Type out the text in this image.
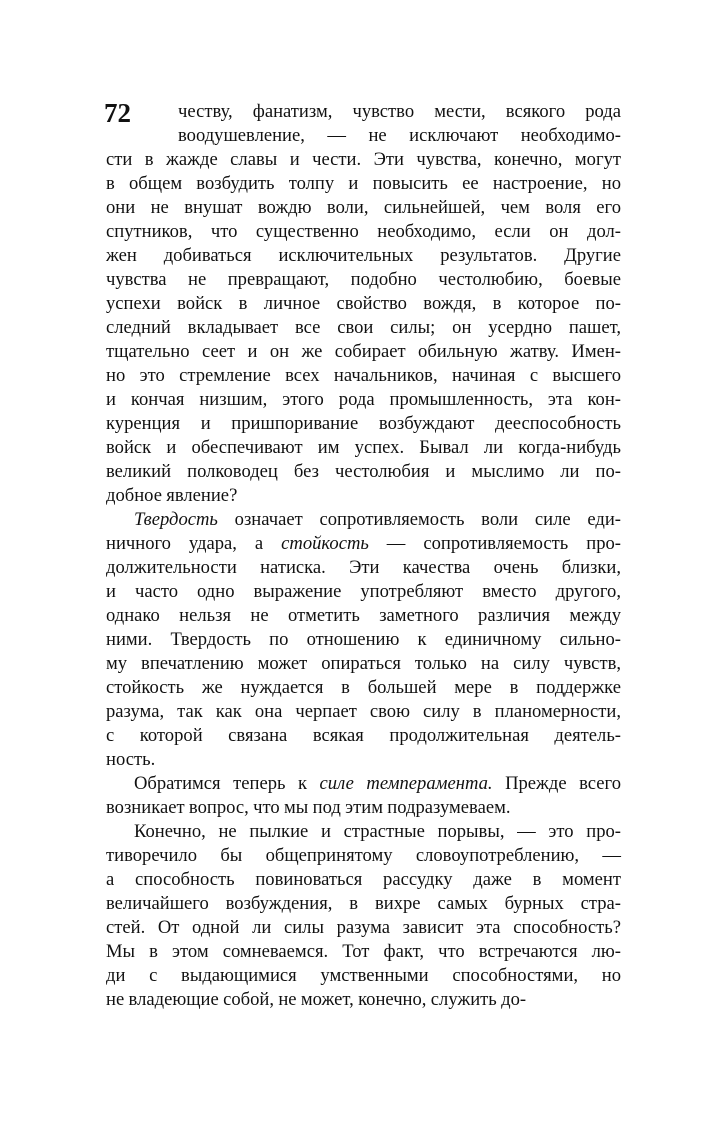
72	честву, фанатизм, чувство мести, всякого рода
воодушевление, — не исключают необходимо-
сти в жажде славы и чести. Эти чувства, конечно, могут
в общем возбудить толпу и повысить ее настроение, но
они не внушат вождю воли, сильнейшей, чем воля его
спутников, что существенно необходимо, если он дол-
жен добиваться исключительных результатов. Другие
чувства не превращают, подобно честолюбию, боевые
успехи войск в личное свойство вождя, в которое по-
следний вкладывает все свои силы; он усердно пашет,
тщательно сеет и он же собирает обильную жатву. Имен-
но это стремление всех начальников, начиная с высшего
и кончая низшим, этого рода промышленность, эта кон-
куренция и пришпоривание возбуждают дееспособность
войск и обеспечивают им успех. Бывал ли когда-нибудь
великий полководец без честолюбия и мыслимо ли по-
добное явление?
Твердость означает сопротивляемость воли силе еди-
ничного удара, а стойкость — сопротивляемость про-
должительности натиска. Эти качества очень близки,
и часто одно выражение употребляют вместо другого,
однако нельзя не отметить заметного различия между
ними. Твердость по отношению к единичному сильно-
му впечатлению может опираться только на силу чувств,
стойкость же нуждается в большей мере в поддержке
разума, так как она черпает свою силу в планомерности,
с которой связана всякая продолжительная деятель-
ность.
Обратимся теперь к силе темперамента. Прежде всего
возникает вопрос, что мы под этим подразумеваем.
Конечно, не пылкие и страстные порывы, — это про-
тиворечило бы общепринятому словоупотреблению, —
а способность повиноваться рассудку даже в момент
величайшего возбуждения, в вихре самых бурных стра-
стей. От одной ли силы разума зависит эта способность?
Мы в этом сомневаемся. Тот факт, что встречаются лю-
ди с выдающимися умственными способностями, но
не владеющие собой, не может, конечно, служить до-
